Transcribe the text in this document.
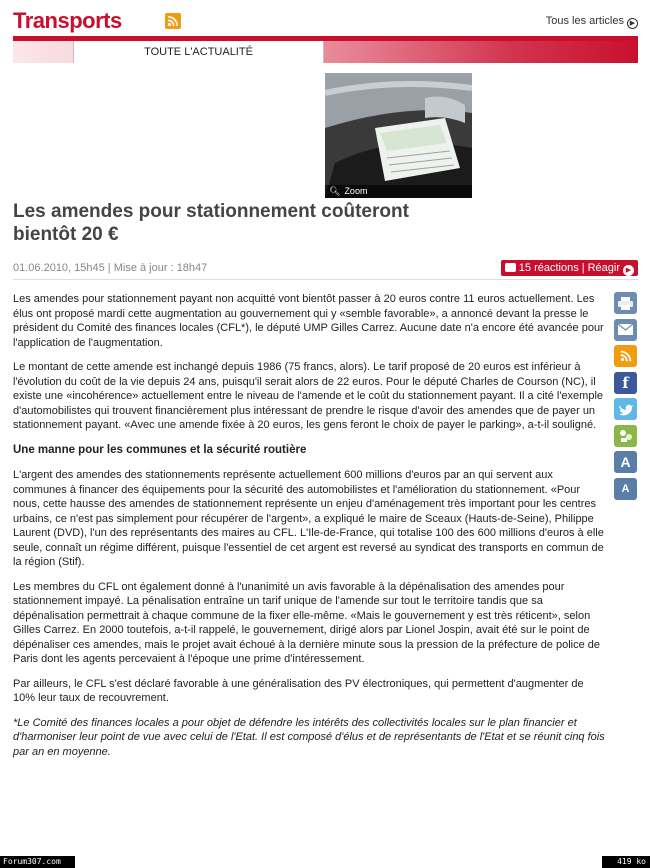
Transports	Tous les articles ▶
TOUTE L'ACTUALITÉ
🔍︎ Zoom
Les amendes pour stationnement coûteront bientôt 20 €
01.06.2010, 15h45 | Mise à jour : 18h47	15 réactions | Réagir ▶

Les amendes pour stationnement payant non acquitté vont bientôt passer à 20 euros contre 11 euros actuellement. Les élus ont proposé mardi cette augmentation au gouvernement qui y «semble favorable», a annoncé devant la presse le président du Comité des finances locales (CFL*), le député UMP Gilles Carrez. Aucune date n'a encore été avancée pour l'application de l'augmentation.

Le montant de cette amende est inchangé depuis 1986 (75 francs, alors). Le tarif proposé de 20 euros est inférieur à l'évolution du coût de la vie depuis 24 ans, puisqu'il serait alors de 22 euros. Pour le député Charles de Courson (NC), il existe une «incohérence» actuellement entre le niveau de l'amende et le coût du stationnement payant. Il a cité l'exemple d'automobilistes qui trouvent financièrement plus intéressant de prendre le risque d'avoir des amendes que de payer un stationnement payant. «Avec une amende fixée à 20 euros, les gens feront le choix de payer le parking», a-t-il souligné.

Une manne pour les communes et la sécurité routière

L'argent des amendes des stationnements représente actuellement 600 millions d'euros par an qui servent aux communes à financer des équipements pour la sécurité des automobilistes et l'amélioration du stationnement. «Pour nous, cette hausse des amendes de stationnement représente un enjeu d'aménagement très important pour les centres urbains, ce n'est pas simplement pour récupérer de l'argent», a expliqué le maire de Sceaux (Hauts-de-Seine), Philippe Laurent (DVD), l'un des représentants des maires au CFL. L'Ile-de-France, qui totalise 100 des 600 millions d'euros à elle seule, connaît un régime différent, puisque l'essentiel de cet argent est reversé au syndicat des transports en commun de la région (Stif).

Les membres du CFL ont également donné à l'unanimité un avis favorable à la dépénalisation des amendes pour stationnement impayé. La pénalisation entraîne un tarif unique de l'amende sur tout le territoire tandis que sa dépénalisation permettrait à chaque commune de la fixer elle-même. «Mais le gouvernement y est très réticent», selon Gilles Carrez. En 2000 toutefois, a-t-il rappelé, le gouvernement, dirigé alors par Lionel Jospin, avait été sur le point de dépénaliser ces amendes, mais le projet avait échoué à la dernière minute sous la pression de la préfecture de police de Paris dont les agents percevaient à l'époque une prime d'intéressement.

Par ailleurs, le CFL s'est déclaré favorable à une généralisation des PV électroniques, qui permettent d'augmenter de 10% leur taux de recouvrement.

*Le Comité des finances locales a pour objet de défendre les intérêts des collectivités locales sur le plan financier et d'harmoniser leur point de vue avec celui de l'Etat. Il est composé d'élus et de représentants de l'Etat et se réunit cinq fois par an en moyenne.

f
A
A
Forum307.com	419 ko
